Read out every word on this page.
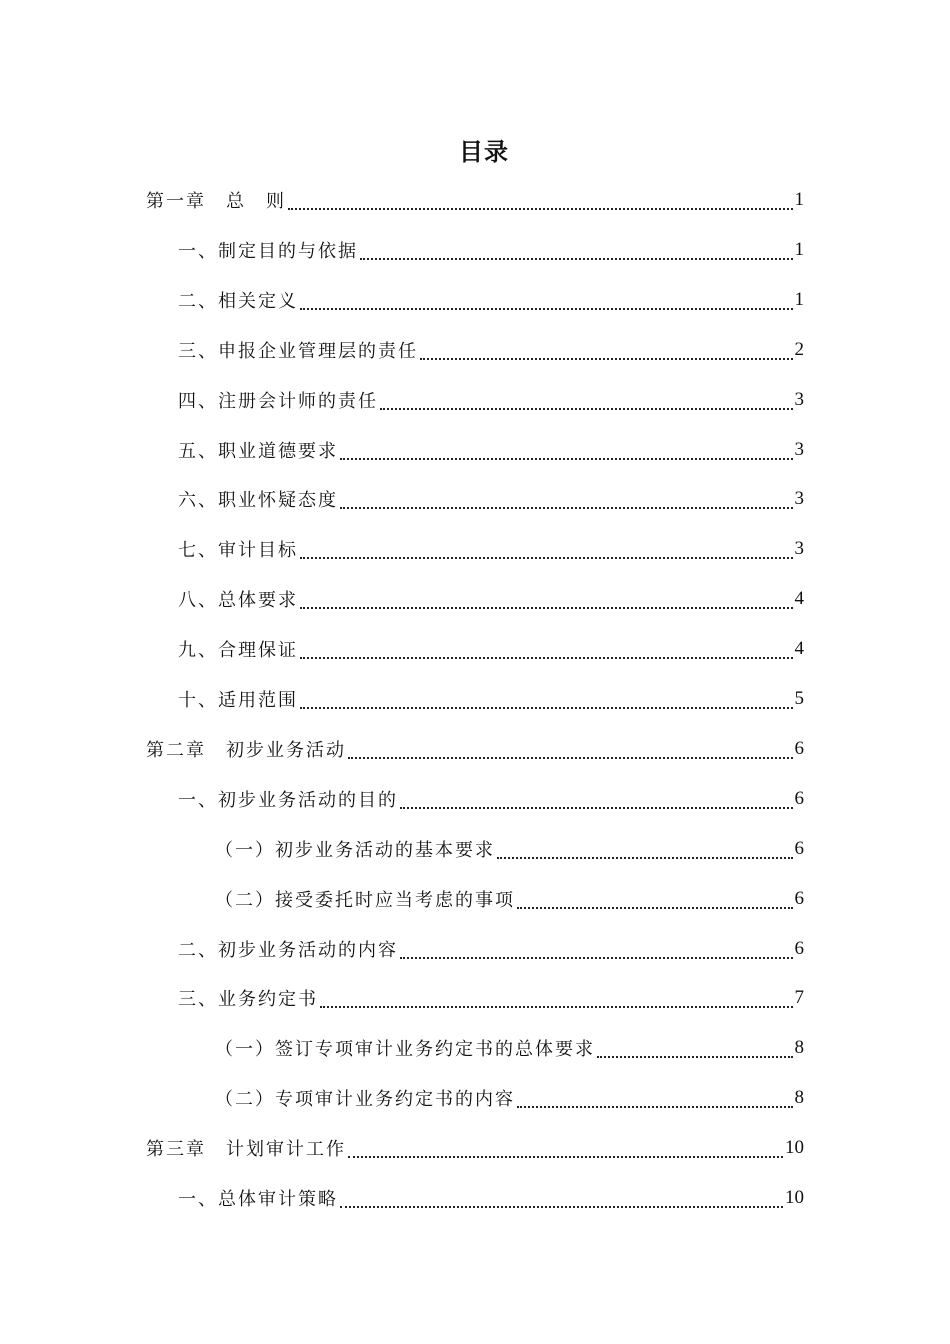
目录
第一章　总　则	1
一、制定目的与依据	1
二、相关定义	1
三、申报企业管理层的责任	2
四、注册会计师的责任	3
五、职业道德要求	3
六、职业怀疑态度	3
七、审计目标	3
八、总体要求	4
九、合理保证	4
十、适用范围	5
第二章　初步业务活动	6
一、初步业务活动的目的	6
（一）初步业务活动的基本要求	6
（二）接受委托时应当考虑的事项	6
二、初步业务活动的内容	6
三、业务约定书	7
（一）签订专项审计业务约定书的总体要求	8
（二）专项审计业务约定书的内容	8
第三章　计划审计工作	10
一、总体审计策略	10
